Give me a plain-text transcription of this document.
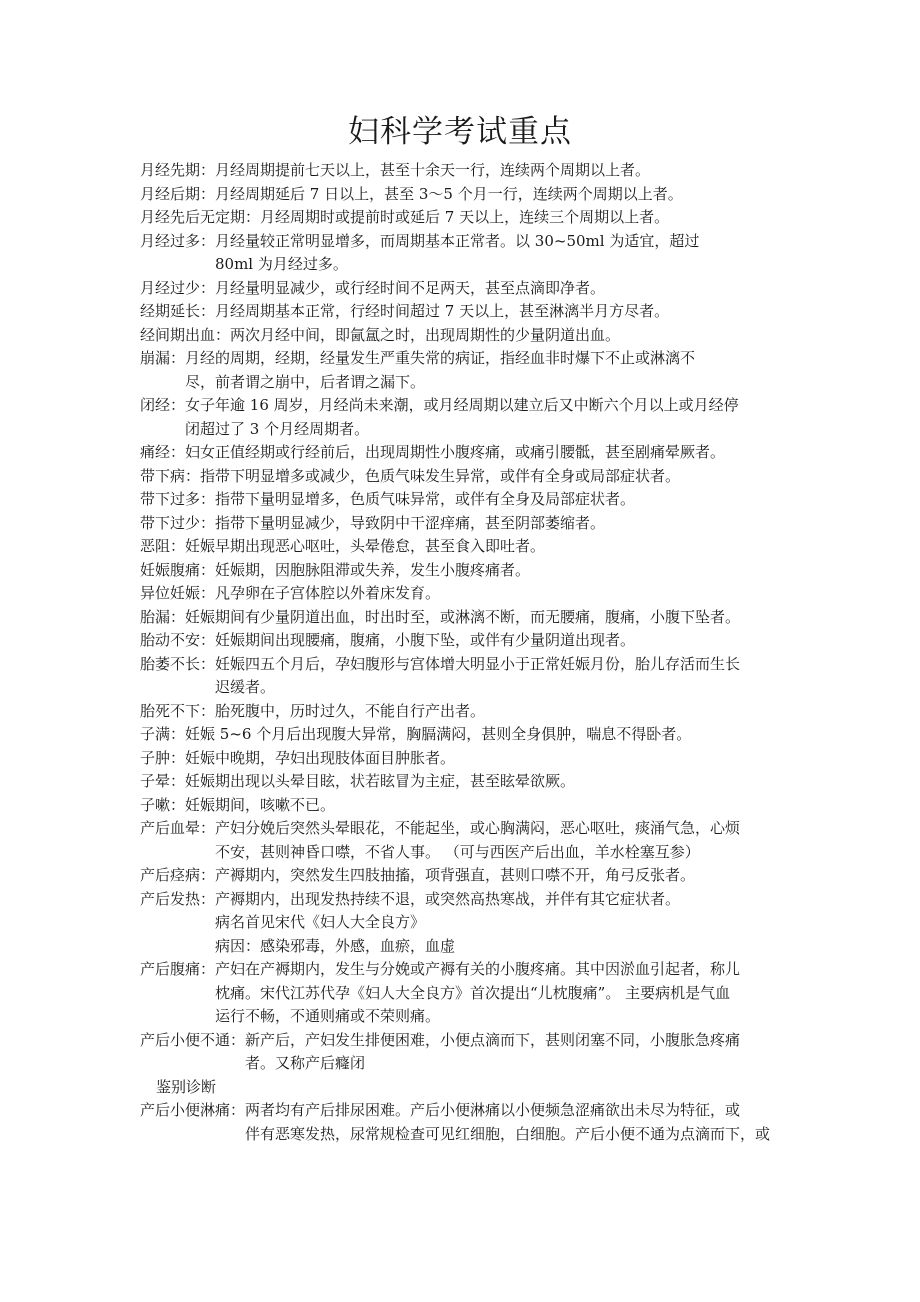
妇科学考试重点
月经先期：月经周期提前七天以上，甚至十余天一行，连续两个周期以上者。
月经后期：月经周期延后 7 日以上，甚至 3～5 个月一行，连续两个周期以上者。
月经先后无定期：月经周期时或提前时或延后 7 天以上，连续三个周期以上者。
月经过多：月经量较正常明显增多，而周期基本正常者。以 30~50ml 为适宜，超过
80ml 为月经过多。
月经过少：月经量明显减少，或行经时间不足两天，甚至点滴即净者。
经期延长：月经周期基本正常，行经时间超过 7 天以上，甚至淋漓半月方尽者。
经间期出血：两次月经中间，即氤氲之时，出现周期性的少量阴道出血。
崩漏：月经的周期，经期，经量发生严重失常的病证，指经血非时爆下不止或淋漓不
尽，前者谓之崩中，后者谓之漏下。
闭经：女子年逾 16 周岁，月经尚未来潮，或月经周期以建立后又中断六个月以上或月经停
闭超过了 3 个月经周期者。
痛经：妇女正值经期或行经前后，出现周期性小腹疼痛，或痛引腰骶，甚至剧痛晕厥者。
带下病：指带下明显增多或减少，色质气味发生异常，或伴有全身或局部症状者。
带下过多：指带下量明显增多，色质气味异常，或伴有全身及局部症状者。
带下过少：指带下量明显减少，导致阴中干涩痒痛，甚至阴部萎缩者。
恶阻：妊娠早期出现恶心呕吐，头晕倦怠，甚至食入即吐者。
妊娠腹痛：妊娠期，因胞脉阻滞或失养，发生小腹疼痛者。
异位妊娠：凡孕卵在子宫体腔以外着床发育。
胎漏：妊娠期间有少量阴道出血，时出时至，或淋漓不断，而无腰痛，腹痛，小腹下坠者。
胎动不安：妊娠期间出现腰痛，腹痛，小腹下坠，或伴有少量阴道出现者。
胎萎不长：妊娠四五个月后，孕妇腹形与宫体增大明显小于正常妊娠月份，胎儿存活而生长
迟缓者。
胎死不下：胎死腹中，历时过久，不能自行产出者。
子满：妊娠 5~6 个月后出现腹大异常，胸膈满闷，甚则全身俱肿，喘息不得卧者。
子肿：妊娠中晚期，孕妇出现肢体面目肿胀者。
子晕：妊娠期出现以头晕目眩，状若眩冒为主症，甚至眩晕欲厥。
子嗽：妊娠期间，咳嗽不已。
产后血晕：产妇分娩后突然头晕眼花，不能起坐，或心胸满闷，恶心呕吐，痰涌气急，心烦
不安，甚则神昏口噤，不省人事。 （可与西医产后出血，羊水栓塞互参）
产后痉病：产褥期内，突然发生四肢抽搐，项背强直，甚则口噤不开，角弓反张者。
产后发热：产褥期内，出现发热持续不退，或突然高热寒战，并伴有其它症状者。
病名首见宋代《妇人大全良方》
病因：感染邪毒，外感，血瘀，血虚
产后腹痛：产妇在产褥期内，发生与分娩或产褥有关的小腹疼痛。其中因淤血引起者，称儿
枕痛。宋代江苏代孕《妇人大全良方》首次提出“儿枕腹痛”。 主要病机是气血
运行不畅，不通则痛或不荣则痛。
产后小便不通：新产后，产妇发生排便困难，小便点滴而下，甚则闭塞不同，小腹胀急疼痛
者。又称产后癃闭
鉴别诊断
产后小便淋痛：两者均有产后排尿困难。产后小便淋痛以小便频急涩痛欲出未尽为特征，或
伴有恶寒发热，尿常规检查可见红细胞，白细胞。产后小便不通为点滴而下，或
